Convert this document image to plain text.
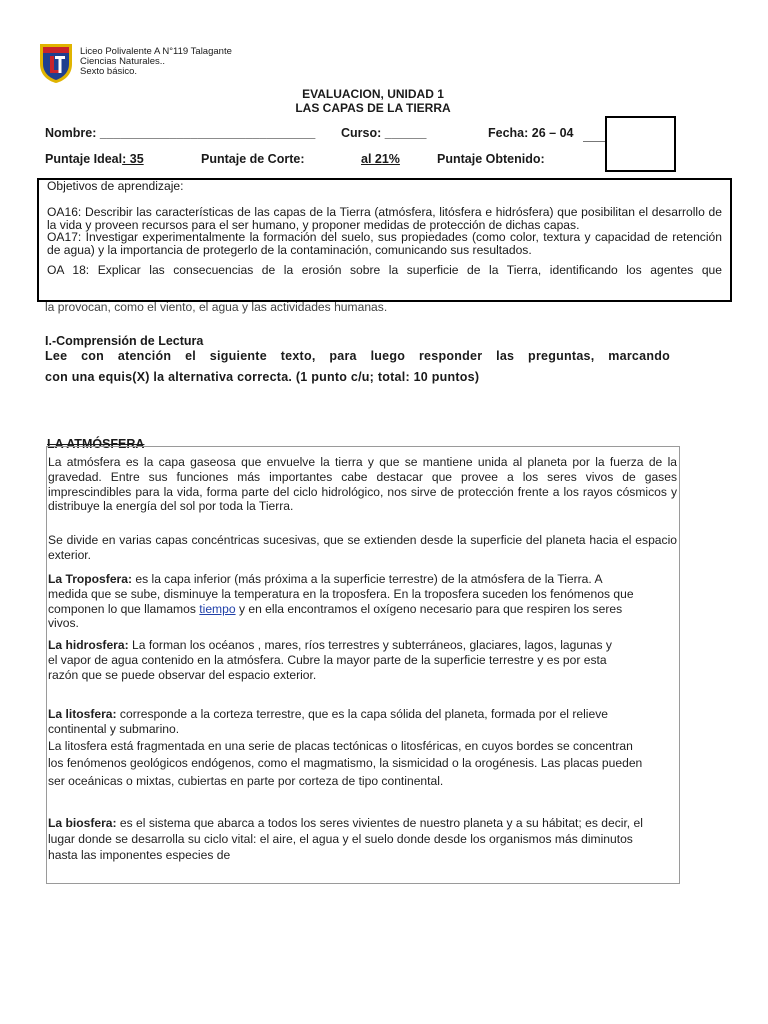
Liceo Polivalente A N°119 Talagante
Ciencias Naturales..
Sexto básico.
EVALUACION, UNIDAD 1
LAS CAPAS DE LA TIERRA
Nombre: _______________________________ Curso: ______	Fecha: 26 – 04
Puntaje Ideal: 35	Puntaje de Corte:	al 21%	Puntaje Obtenido:

Objetivos de aprendizaje:

OA16: Describir las características de las capas de la Tierra (atmósfera, litósfera e hidrósfera) que posibilitan el desarrollo de la vida y proveen recursos para el ser humano, y proponer medidas de protección de dichas capas.

OA17: Investigar experimentalmente la formación del suelo, sus propiedades (como color, textura y capacidad de retención de agua) y la importancia de protegerlo de la contaminación, comunicando sus resultados.

OA 18: Explicar las consecuencias de la erosión sobre la superficie de la Tierra, identificando los agentes que

la provocan, como el viento, el agua y las actividades humanas.
I.-Comprensión de Lectura
Lee con atención el siguiente texto, para luego responder las preguntas, marcando
con una equis(X) la alternativa correcta. (1 punto c/u; total: 10 puntos)
LA ATMÓSFERA

La atmósfera es la capa gaseosa que envuelve la tierra y que se mantiene unida al planeta por la fuerza de la gravedad. Entre sus funciones más importantes cabe destacar que provee a los seres vivos de gases imprescindibles para la vida, forma parte del ciclo hidrológico, nos sirve de protección frente a los rayos cósmicos y distribuye la energía del sol por toda la Tierra.

Se divide en varias capas concéntricas sucesivas, que se extienden desde la superficie del planeta hacia el espacio exterior.

La Troposfera: es la capa inferior (más próxima a la superficie terrestre) de la atmósfera de la Tierra. A medida que se sube, disminuye la temperatura en la troposfera. En la troposfera suceden los fenómenos que componen lo que llamamos tiempo y en ella encontramos el oxígeno necesario para que respiren los seres vivos.

La hidrosfera: La forman los océanos , mares, ríos terrestres y subterráneos, glaciares, lagos, lagunas y el vapor de agua contenido en la atmósfera. Cubre la mayor parte de la superficie terrestre y es por esta razón que se puede observar del espacio exterior.

La litosfera: corresponde a la corteza terrestre, que es la capa sólida del planeta, formada por el relieve continental y submarino.

La litosfera está fragmentada en una serie de placas tectónicas o litosféricas, en cuyos bordes se concentran los fenómenos geológicos endógenos, como el magmatismo, la sismicidad o la orogénesis. Las placas pueden ser oceánicas o mixtas, cubiertas en parte por corteza de tipo continental.

La biosfera: es el sistema que abarca a todos los seres vivientes de nuestro planeta y a su hábitat; es decir, el lugar donde se desarrolla su ciclo vital: el aire, el agua y el suelo donde desde los organismos más diminutos hasta las imponentes especies de
